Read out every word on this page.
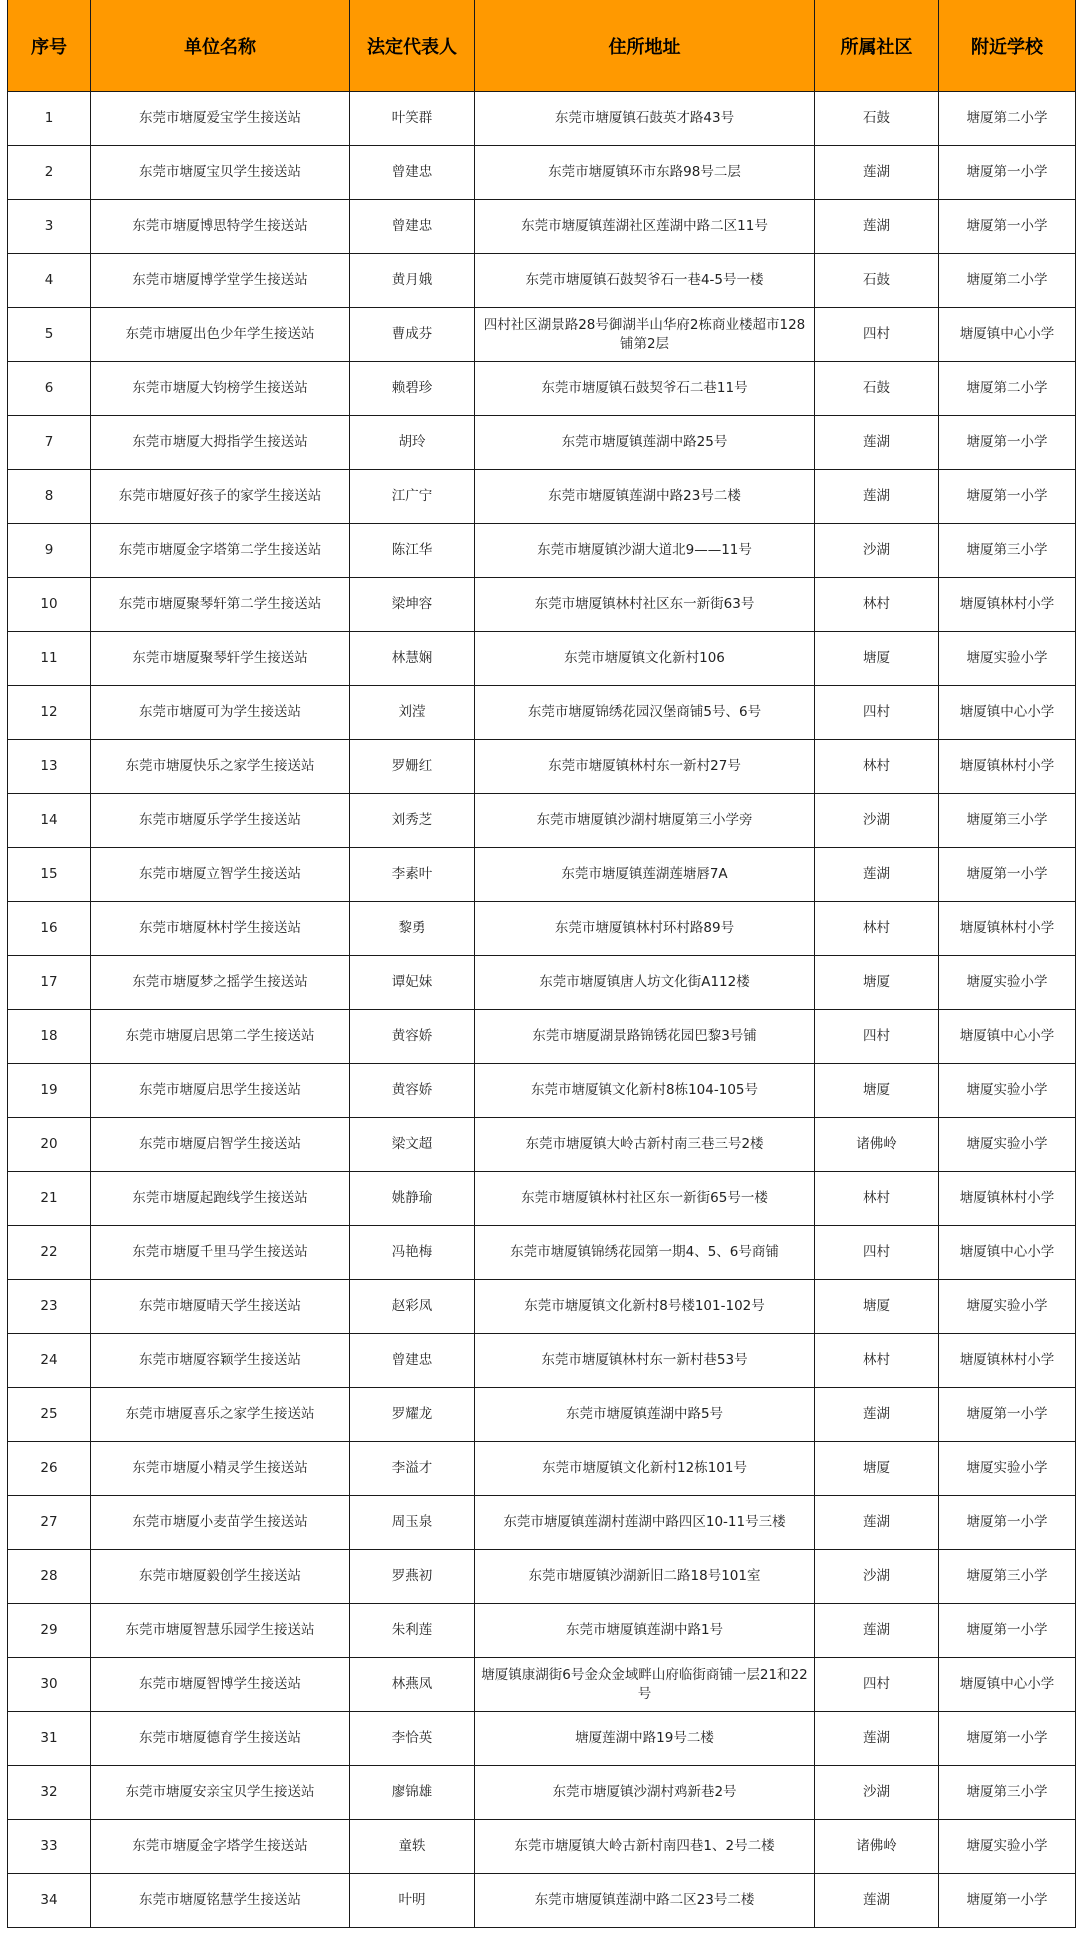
序号	单位名称	法定代表人	住所地址	所属社区	附近学校
1	东莞市塘厦爱宝学生接送站	叶笑群	东莞市塘厦镇石鼓英才路43号	石鼓	塘厦第二小学
2	东莞市塘厦宝贝学生接送站	曾建忠	东莞市塘厦镇环市东路98号二层	莲湖	塘厦第一小学
3	东莞市塘厦博思特学生接送站	曾建忠	东莞市塘厦镇莲湖社区莲湖中路二区11号	莲湖	塘厦第一小学
4	东莞市塘厦博学堂学生接送站	黄月娥	东莞市塘厦镇石鼓契爷石一巷4-5号一楼	石鼓	塘厦第二小学
5	东莞市塘厦出色少年学生接送站	曹成芬	四村社区湖景路28号御湖半山华府2栋商业楼超市128铺第2层	四村	塘厦镇中心小学
6	东莞市塘厦大钧榜学生接送站	赖碧珍	东莞市塘厦镇石鼓契爷石二巷11号	石鼓	塘厦第二小学
7	东莞市塘厦大拇指学生接送站	胡玲	东莞市塘厦镇莲湖中路25号	莲湖	塘厦第一小学
8	东莞市塘厦好孩子的家学生接送站	江广宁	东莞市塘厦镇莲湖中路23号二楼	莲湖	塘厦第一小学
9	东莞市塘厦金字塔第二学生接送站	陈江华	东莞市塘厦镇沙湖大道北9——11号	沙湖	塘厦第三小学
10	东莞市塘厦聚琴轩第二学生接送站	梁坤容	东莞市塘厦镇林村社区东一新街63号	林村	塘厦镇林村小学
11	东莞市塘厦聚琴轩学生接送站	林慧娴	东莞市塘厦镇文化新村106	塘厦	塘厦实验小学
12	东莞市塘厦可为学生接送站	刘滢	东莞市塘厦锦绣花园汉堡商铺5号、6号	四村	塘厦镇中心小学
13	东莞市塘厦快乐之家学生接送站	罗姗红	东莞市塘厦镇林村东一新村27号	林村	塘厦镇林村小学
14	东莞市塘厦乐学学生接送站	刘秀芝	东莞市塘厦镇沙湖村塘厦第三小学旁	沙湖	塘厦第三小学
15	东莞市塘厦立智学生接送站	李素叶	东莞市塘厦镇莲湖莲塘唇7A	莲湖	塘厦第一小学
16	东莞市塘厦林村学生接送站	黎勇	东莞市塘厦镇林村环村路89号	林村	塘厦镇林村小学
17	东莞市塘厦梦之摇学生接送站	谭妃妹	东莞市塘厦镇唐人坊文化街A112楼	塘厦	塘厦实验小学
18	东莞市塘厦启思第二学生接送站	黄容娇	东莞市塘厦湖景路锦锈花园巴黎3号铺	四村	塘厦镇中心小学
19	东莞市塘厦启思学生接送站	黄容娇	东莞市塘厦镇文化新村8栋104-105号	塘厦	塘厦实验小学
20	东莞市塘厦启智学生接送站	梁文超	东莞市塘厦镇大岭古新村南三巷三号2楼	诸佛岭	塘厦实验小学
21	东莞市塘厦起跑线学生接送站	姚静瑜	东莞市塘厦镇林村社区东一新街65号一楼	林村	塘厦镇林村小学
22	东莞市塘厦千里马学生接送站	冯艳梅	东莞市塘厦镇锦绣花园第一期4、5、6号商铺	四村	塘厦镇中心小学
23	东莞市塘厦晴天学生接送站	赵彩凤	东莞市塘厦镇文化新村8号楼101-102号	塘厦	塘厦实验小学
24	东莞市塘厦容颖学生接送站	曾建忠	东莞市塘厦镇林村东一新村巷53号	林村	塘厦镇林村小学
25	东莞市塘厦喜乐之家学生接送站	罗耀龙	东莞市塘厦镇莲湖中路5号	莲湖	塘厦第一小学
26	东莞市塘厦小精灵学生接送站	李溢才	东莞市塘厦镇文化新村12栋101号	塘厦	塘厦实验小学
27	东莞市塘厦小麦苗学生接送站	周玉泉	东莞市塘厦镇莲湖村莲湖中路四区10-11号三楼	莲湖	塘厦第一小学
28	东莞市塘厦毅创学生接送站	罗燕初	东莞市塘厦镇沙湖新旧二路18号101室	沙湖	塘厦第三小学
29	东莞市塘厦智慧乐园学生接送站	朱利莲	东莞市塘厦镇莲湖中路1号	莲湖	塘厦第一小学
30	东莞市塘厦智博学生接送站	林燕凤	塘厦镇康湖街6号金众金域畔山府临街商铺一层21和22号	四村	塘厦镇中心小学
31	东莞市塘厦德育学生接送站	李恰英	塘厦莲湖中路19号二楼	莲湖	塘厦第一小学
32	东莞市塘厦安亲宝贝学生接送站	廖锦雄	东莞市塘厦镇沙湖村鸡新巷2号	沙湖	塘厦第三小学
33	东莞市塘厦金字塔学生接送站	童轶	东莞市塘厦镇大岭古新村南四巷1、2号二楼	诸佛岭	塘厦实验小学
34	东莞市塘厦铭慧学生接送站	叶明	东莞市塘厦镇莲湖中路二区23号二楼	莲湖	塘厦第一小学
